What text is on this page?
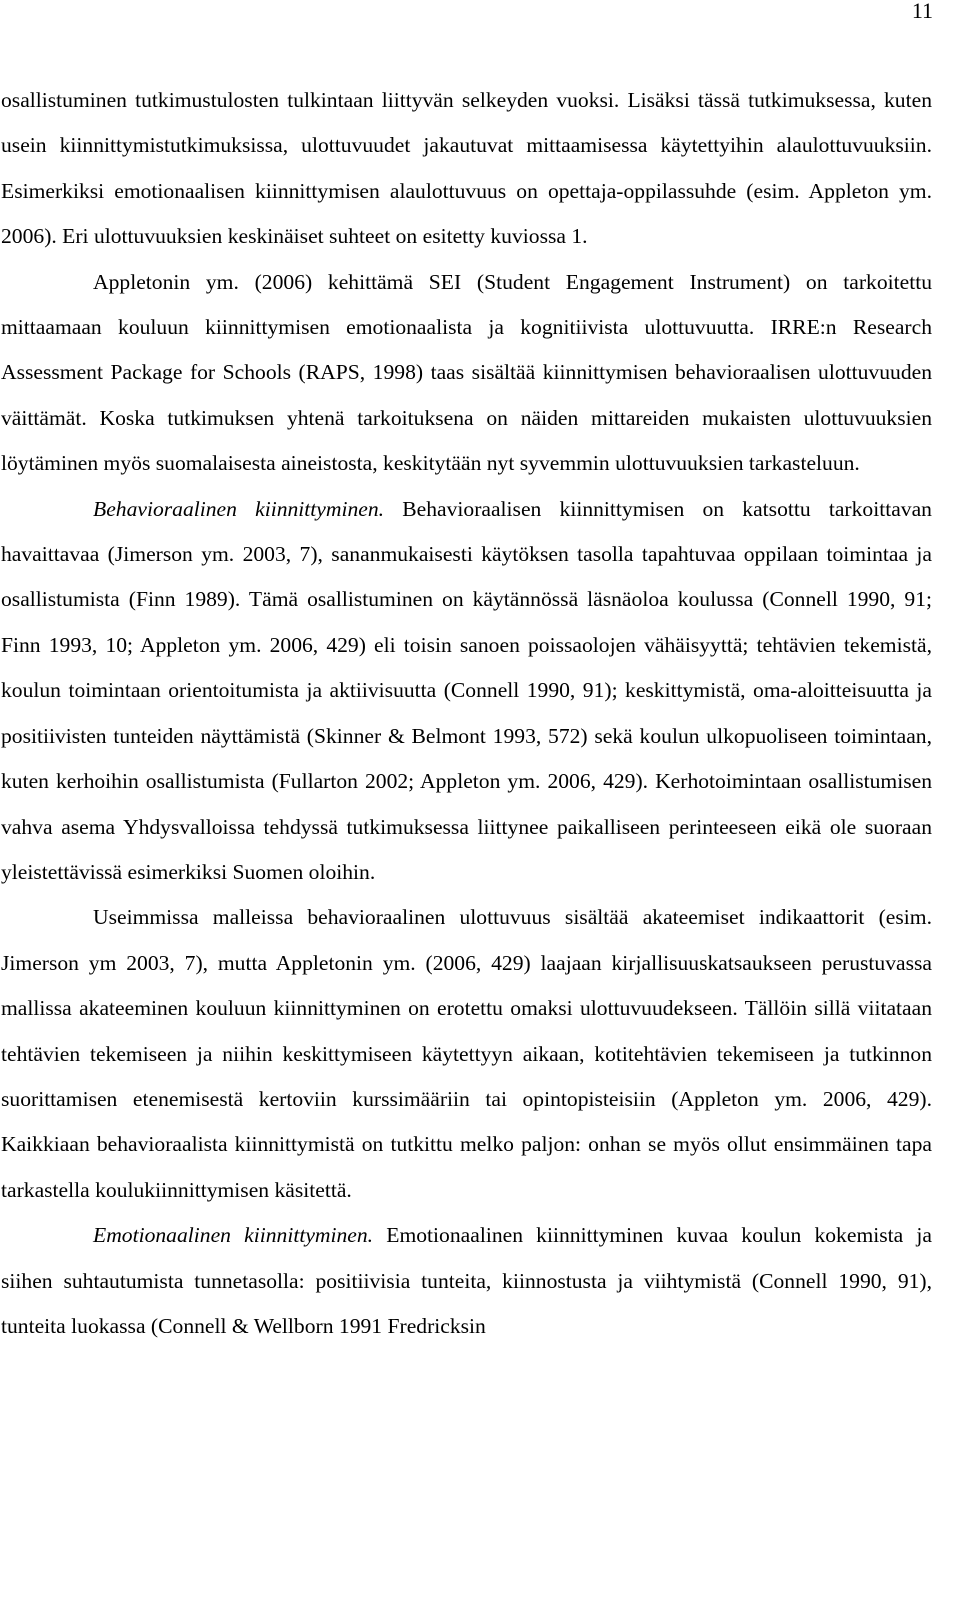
11

osallistuminen tutkimustulosten tulkintaan liittyvän selkeyden vuoksi. Lisäksi tässä tutkimuksessa, kuten usein kiinnittymistutkimuksissa, ulottuvuudet jakautuvat mittaamisessa käytettyihin alaulottuvuuksiin. Esimerkiksi emotionaalisen kiinnittymisen alaulottuvuus on opettaja-oppilassuhde (esim. Appleton ym. 2006). Eri ulottuvuuksien keskinäiset suhteet on esitetty kuviossa 1.

Appletonin ym. (2006) kehittämä SEI (Student Engagement Instrument) on tarkoitettu mittaamaan kouluun kiinnittymisen emotionaalista ja kognitiivista ulottuvuutta. IRRE:n Research Assessment Package for Schools (RAPS, 1998) taas sisältää kiinnittymisen behavioraalisen ulottuvuuden väittämät. Koska tutkimuksen yhtenä tarkoituksena on näiden mittareiden mukaisten ulottuvuuksien löytäminen myös suomalaisesta aineistosta, keskitytään nyt syvemmin ulottuvuuksien tarkasteluun.

Behavioraalinen kiinnittyminen. Behavioraalisen kiinnittymisen on katsottu tarkoittavan havaittavaa (Jimerson ym. 2003, 7), sananmukaisesti käytöksen tasolla tapahtuvaa oppilaan toimintaa ja osallistumista (Finn 1989). Tämä osallistuminen on käytännössä läsnäoloa koulussa (Connell 1990, 91; Finn 1993, 10; Appleton ym. 2006, 429) eli toisin sanoen poissaolojen vähäisyyttä; tehtävien tekemistä, koulun toimintaan orientoitumista ja aktiivisuutta (Connell 1990, 91); keskittymistä, oma-aloitteisuutta ja positiivisten tunteiden näyttämistä (Skinner & Belmont 1993, 572) sekä koulun ulkopuoliseen toimintaan, kuten kerhoihin osallistumista (Fullarton 2002; Appleton ym. 2006, 429). Kerhotoimintaan osallistumisen vahva asema Yhdysvalloissa tehdyssä tutkimuksessa liittynee paikalliseen perinteeseen eikä ole suoraan yleistettävissä esimerkiksi Suomen oloihin.

Useimmissa malleissa behavioraalinen ulottuvuus sisältää akateemiset indikaattorit (esim. Jimerson ym 2003, 7), mutta Appletonin ym. (2006, 429) laajaan kirjallisuuskatsaukseen perustuvassa mallissa akateeminen kouluun kiinnittyminen on erotettu omaksi ulottuvuudekseen. Tällöin sillä viitataan tehtävien tekemiseen ja niihin keskittymiseen käytettyyn aikaan, kotitehtävien tekemiseen ja tutkinnon suorittamisen etenemisestä kertoviin kurssimääriin tai opintopisteisiin (Appleton ym. 2006, 429). Kaikkiaan behavioraalista kiinnittymistä on tutkittu melko paljon: onhan se myös ollut ensimmäinen tapa tarkastella koulukiinnittymisen käsitettä.

Emotionaalinen kiinnittyminen. Emotionaalinen kiinnittyminen kuvaa koulun kokemista ja siihen suhtautumista tunnetasolla: positiivisia tunteita, kiinnostusta ja viihtymistä (Connell 1990, 91), tunteita luokassa (Connell & Wellborn 1991 Fredricksin
